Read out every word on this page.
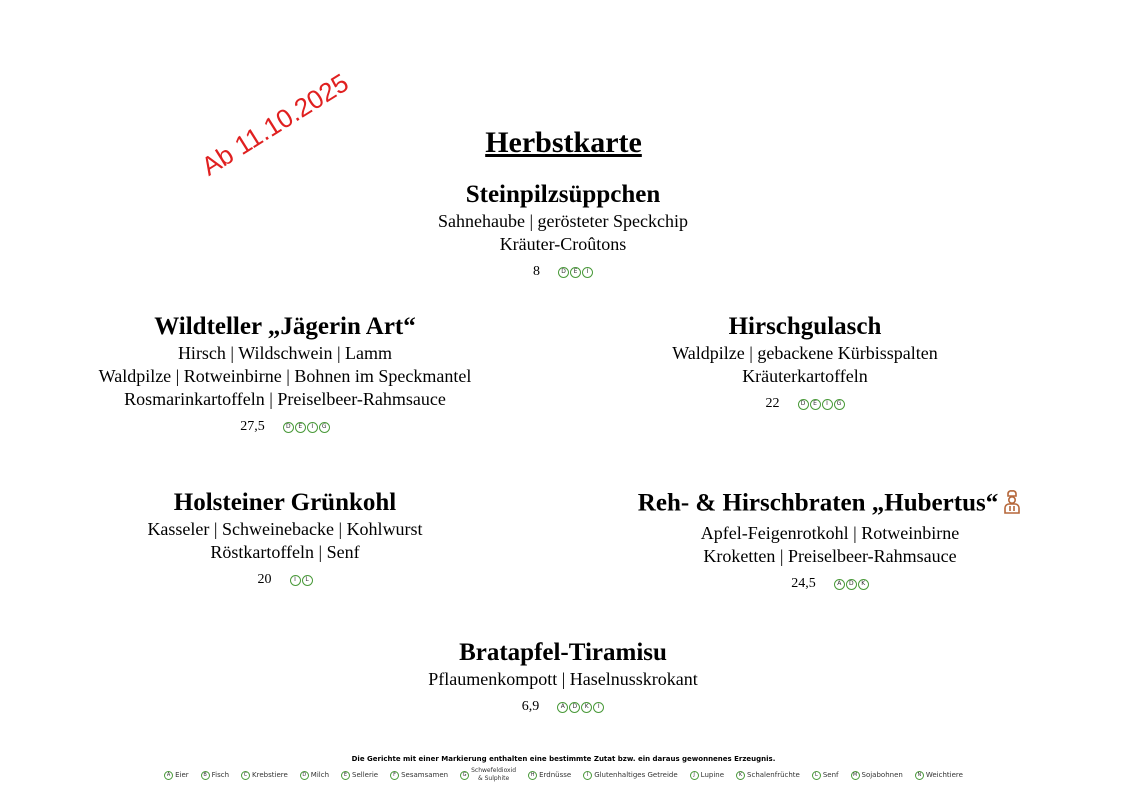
Herbstkarte
Ab 11.10.2025
Steinpilzsüppchen
Sahnehaube | gerösteter Speckchip
Kräuter-Croûtons
8	D	E	I
Wildteller „Jägerin Art“
Hirsch | Wildschwein | Lamm
Waldpilze | Rotweinbirne | Bohnen im Speckmantel
Rosmarinkartoffeln | Preiselbeer-Rahmsauce
27,5	D	E	I	G
Hirschgulasch
Waldpilze | gebackene Kürbisspalten
Kräuterkartoffeln
22	D	E	I	G
Holsteiner Grünkohl
Kasseler | Schweinebacke | Kohlwurst
Röstkartoffeln | Senf
20	I	L
Reh- & Hirschbraten „Hubertus“
Apfel-Feigenrotkohl | Rotweinbirne
Kroketten | Preiselbeer-Rahmsauce
24,5	A	D	K
Bratapfel-Tiramisu
Pflaumenkompott | Haselnusskrokant
6,9	A	D	K	I
Die Gerichte mit einer Markierung enthalten eine bestimmte Zutat bzw. ein daraus gewonnenes Erzeugnis.
A Eier	B Fisch	C Krebstiere	D Milch	E Sellerie	F Sesamsamen	G
Schwefeldioxid
& Sulphite
H Erdnüsse	I Glutenhaltiges Getreide	J Lupine	K Schalenfrüchte	L Senf	M Sojabohnen	N Weichtiere
